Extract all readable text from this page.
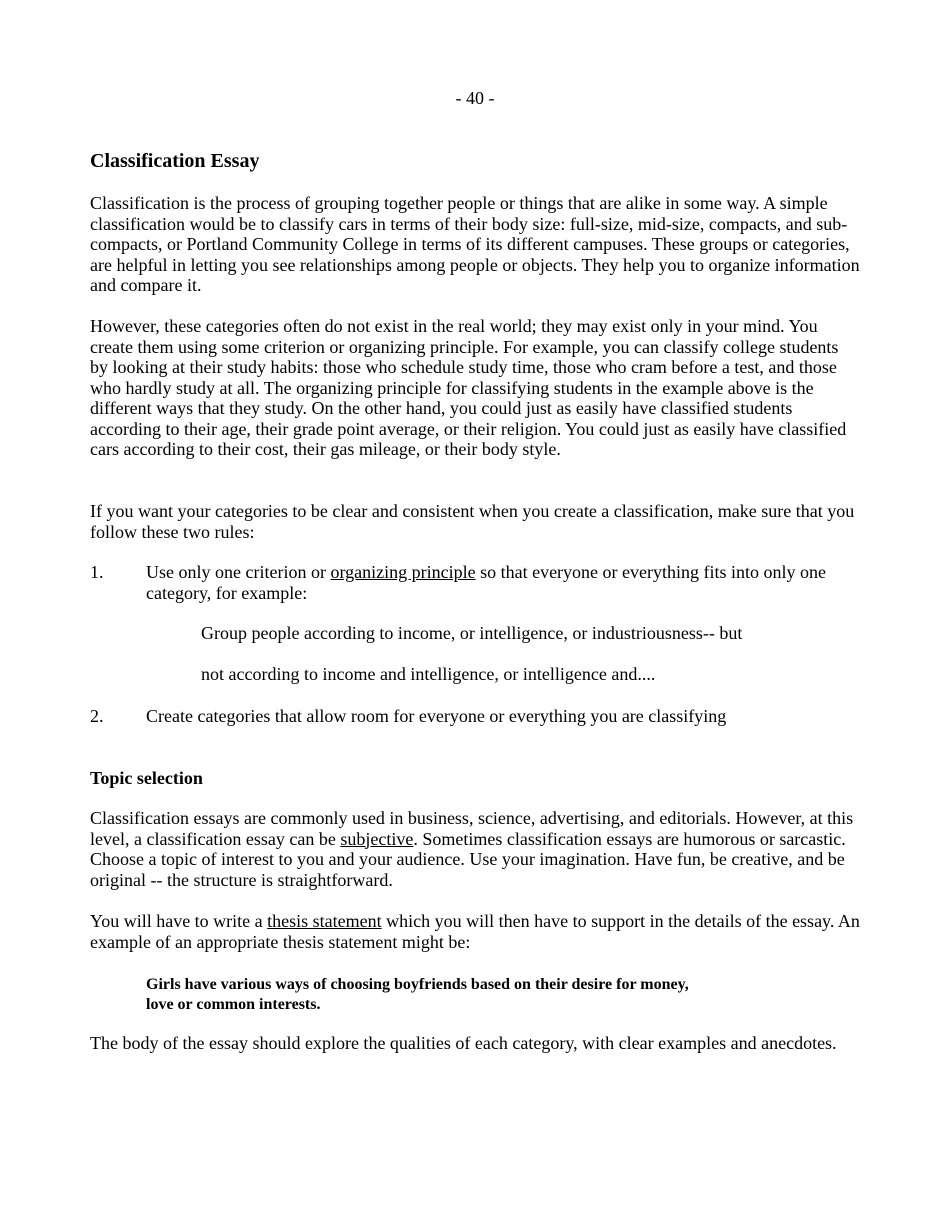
- 40 -
Classification Essay

Classification is the process of grouping together people or things that are alike in some way. A simple classification would be to classify cars in terms of their body size: full-size, mid-size, compacts, and sub-compacts, or Portland Community College in terms of its different campuses. These groups or categories, are helpful in letting you see relationships among people or objects. They help you to organize information and compare it.

However, these categories often do not exist in the real world; they may exist only in your mind. You create them using some criterion or organizing principle. For example, you can classify college students by looking at their study habits: those who schedule study time, those who cram before a test, and those who hardly study at all. The organizing principle for classifying students in the example above is the different ways that they study. On the other hand, you could just as easily have classified students according to their age, their grade point average, or their religion. You could just as easily have classified cars according to their cost, their gas mileage, or their body style.

If you want your categories to be clear and consistent when you create a classification, make sure that you follow these two rules:

1. Use only one criterion or organizing principle so that everyone or everything fits into only one category, for example:

Group people according to income, or intelligence, or industriousness-- but

not according to income and intelligence, or intelligence and....

2. Create categories that allow room for everyone or everything you are classifying

Topic selection

Classification essays are commonly used in business, science, advertising, and editorials. However, at this level, a classification essay can be subjective. Sometimes classification essays are humorous or sarcastic. Choose a topic of interest to you and your audience. Use your imagination. Have fun, be creative, and be original -- the structure is straightforward.

You will have to write a thesis statement which you will then have to support in the details of the essay. An example of an appropriate thesis statement might be:

Girls have various ways of choosing boyfriends based on their desire for money, love or common interests.

The body of the essay should explore the qualities of each category, with clear examples and anecdotes.
